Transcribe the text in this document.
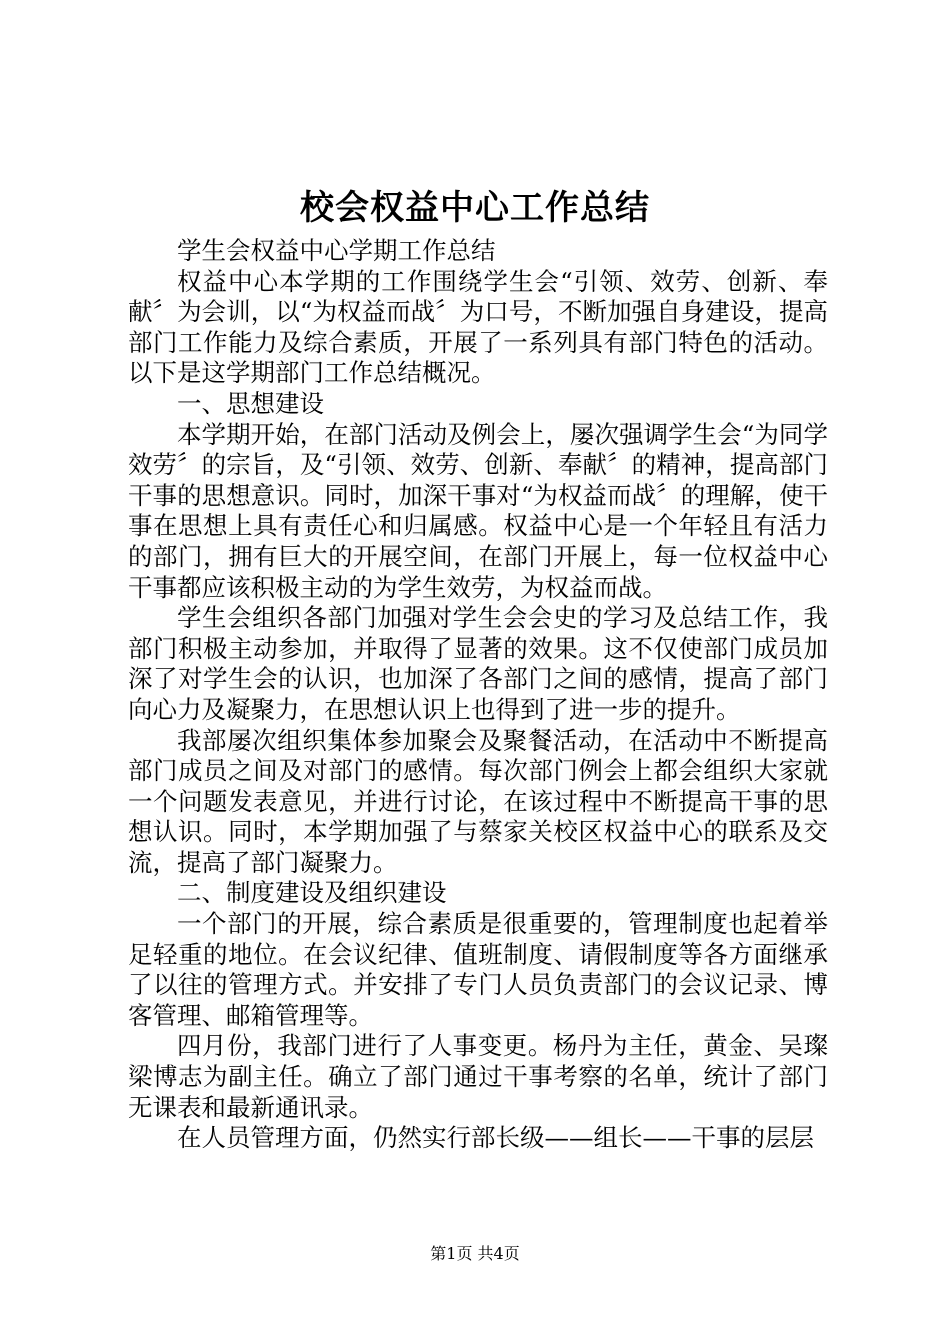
校会权益中心工作总结

学生会权益中心学期工作总结

权益中心本学期的工作围绕学生会“引领、效劳、创新、奉献〞为会训，以“为权益而战〞为口号，不断加强自身建设，提高部门工作能力及综合素质，开展了一系列具有部门特色的活动。以下是这学期部门工作总结概况。

一、思想建设

本学期开始，在部门活动及例会上，屡次强调学生会“为同学效劳〞的宗旨，及“引领、效劳、创新、奉献〞的精神，提高部门干事的思想意识。同时，加深干事对“为权益而战〞的理解，使干事在思想上具有责任心和归属感。权益中心是一个年轻且有活力的部门，拥有巨大的开展空间，在部门开展上，每一位权益中心干事都应该积极主动的为学生效劳，为权益而战。

学生会组织各部门加强对学生会会史的学习及总结工作，我部门积极主动参加，并取得了显著的效果。这不仅使部门成员加深了对学生会的认识，也加深了各部门之间的感情，提高了部门向心力及凝聚力，在思想认识上也得到了进一步的提升。

我部屡次组织集体参加聚会及聚餐活动，在活动中不断提高部门成员之间及对部门的感情。每次部门例会上都会组织大家就一个问题发表意见，并进行讨论，在该过程中不断提高干事的思想认识。同时，本学期加强了与蔡家关校区权益中心的联系及交流，提高了部门凝聚力。

二、制度建设及组织建设

一个部门的开展，综合素质是很重要的，管理制度也起着举足轻重的地位。在会议纪律、值班制度、请假制度等各方面继承了以往的管理方式。并安排了专门人员负责部门的会议记录、博客管理、邮箱管理等。

四月份，我部门进行了人事变更。杨丹为主任，黄金、吴璨梁博志为副主任。确立了部门通过干事考察的名单，统计了部门无课表和最新通讯录。

在人员管理方面，仍然实行部长级——组长——干事的层层

第1页 共4页
